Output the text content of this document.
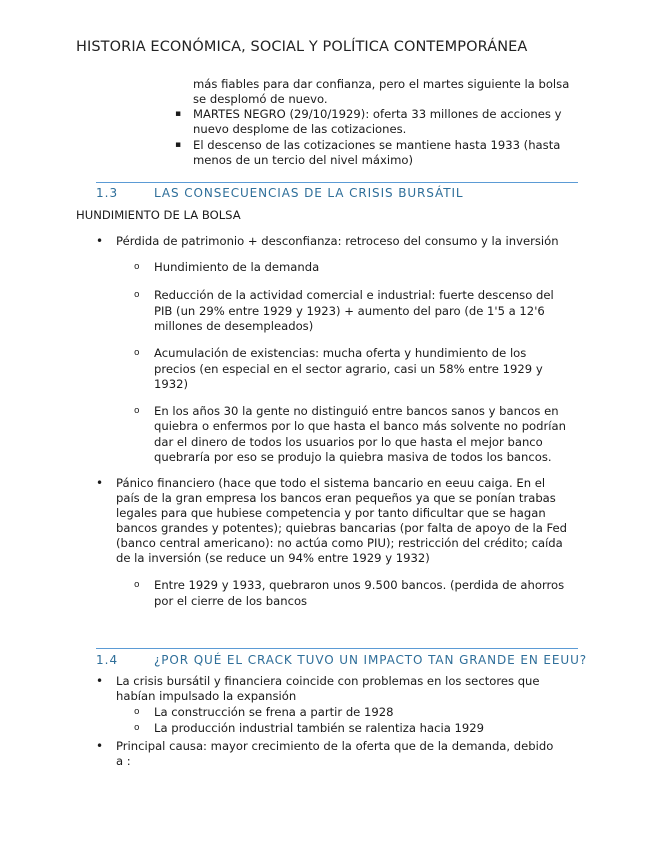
HISTORIA ECONÓMICA, SOCIAL Y POLÍTICA CONTEMPORÁNEA
más fiables para dar confianza, pero el martes siguiente la bolsa
se desplomó de nuevo.
▪ MARTES NEGRO (29/10/1929): oferta 33 millones de acciones y
nuevo desplome de las cotizaciones.
▪ El descenso de las cotizaciones se mantiene hasta 1933 (hasta
menos de un tercio del nivel máximo)
1.3	LAS CONSECUENCIAS DE LA CRISIS BURSÁTIL
HUNDIMIENTO DE LA BOLSA
• Pérdida de patrimonio + desconfianza: retroceso del consumo y la inversión
o Hundimiento de la demanda
o Reducción de la actividad comercial e industrial: fuerte descenso del
PIB (un 29% entre 1929 y 1923) + aumento del paro (de 1'5 a 12'6
millones de desempleados)
o Acumulación de existencias: mucha oferta y hundimiento de los
precios (en especial en el sector agrario, casi un 58% entre 1929 y
1932)
o En los años 30 la gente no distinguió entre bancos sanos y bancos en
quiebra o enfermos por lo que hasta el banco más solvente no podrían
dar el dinero de todos los usuarios por lo que hasta el mejor banco
quebraría por eso se produjo la quiebra masiva de todos los bancos.
• Pánico financiero (hace que todo el sistema bancario en eeuu caiga. En el
país de la gran empresa los bancos eran pequeños ya que se ponían trabas
legales para que hubiese competencia y por tanto dificultar que se hagan
bancos grandes y potentes); quiebras bancarias (por falta de apoyo de la Fed
(banco central americano): no actúa como PIU); restricción del crédito; caída
de la inversión (se reduce un 94% entre 1929 y 1932)
o Entre 1929 y 1933, quebraron unos 9.500 bancos. (perdida de ahorros
por el cierre de los bancos
1.4	¿POR QUÉ EL CRACK TUVO UN IMPACTO TAN GRANDE EN EEUU?
• La crisis bursátil y financiera coincide con problemas en los sectores que
habían impulsado la expansión
o La construcción se frena a partir de 1928
o La producción industrial también se ralentiza hacia 1929
• Principal causa: mayor crecimiento de la oferta que de la demanda, debido
a :
